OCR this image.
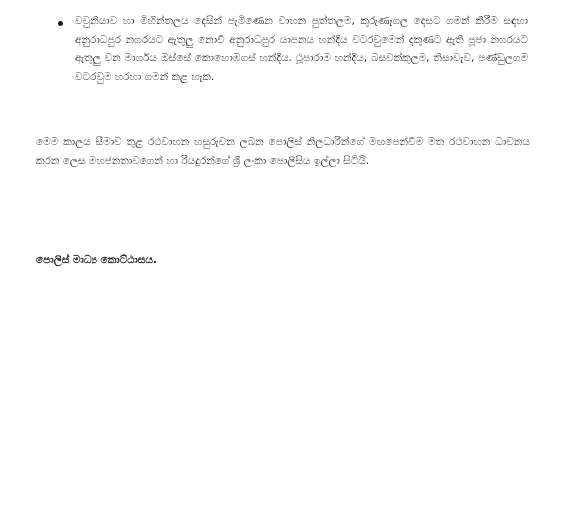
වවුනියාව හා මිහින්තලය දෙසින් පැමිණෙන වාහන පුත්තලම, කුරුණෑගල දෙසට ගමන් කිරීම සඳහා අනුරාධපුර නගරයට ඇතුලු නොවී අනුරාධපුර යාපනය හන්දිය වටරවුමෙන් දකුණට ඇති පූජා නගරයට ඇතුලු වන මාර්ගය ඔස්සේ කොහොඹගස් හන්දිය. ථූපාරාම හන්දිය, බසවක්කුලම, තිසාවැව, පණ්ඩුලගම වටරවුම හරහා ගමන් කළ හැක.

මෙම කාලය සීමාව තුළ රථවාහන හසුරුවන ලබන පොලිස් නිලධාරින්ගේ මඟපෙන්වීම මත රථවාහන ධාවනය කරන ලෙස මහජනතාවගෙන් හා රියදුරන්ගේ ශ්‍රී ලංකා පොලිසිය ඉල්ලා සිටියි.

පොලිස් මාධ්‍ය කොට්ඨාසය.
